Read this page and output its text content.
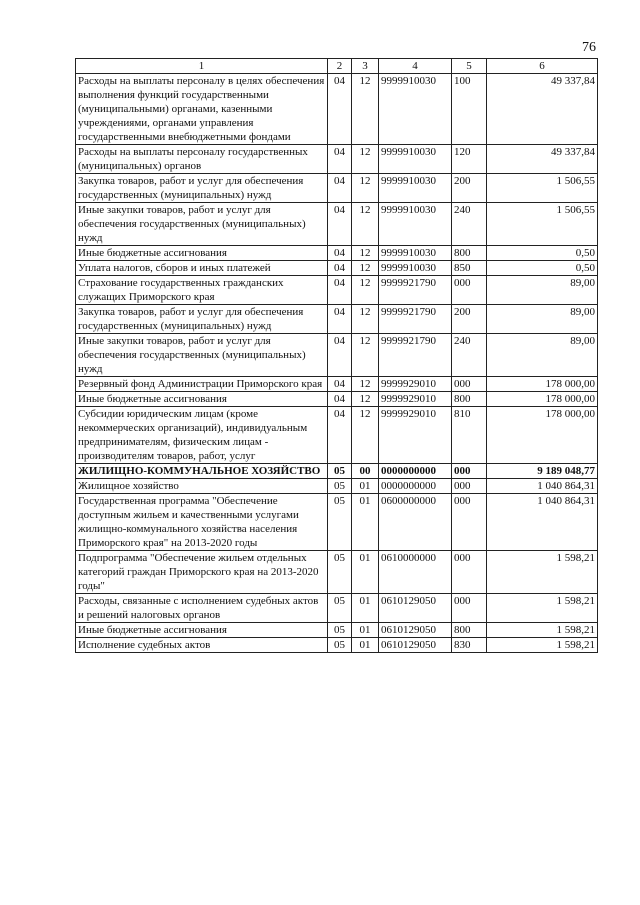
76
1	2	3	4	5	6
Расходы на выплаты персоналу в целях обеспечения выполнения функций государственными (муниципальными) органами, казенными учреждениями, органами управления государственными внебюджетными фондами	04	12	9999910030	100	49 337,84
Расходы на выплаты персоналу государственных (муниципальных) органов	04	12	9999910030	120	49 337,84
Закупка товаров, работ и услуг для обеспечения государственных (муниципальных) нужд	04	12	9999910030	200	1 506,55
Иные закупки товаров, работ и услуг для обеспечения государственных (муниципальных) нужд	04	12	9999910030	240	1 506,55
Иные бюджетные ассигнования	04	12	9999910030	800	0,50
Уплата налогов, сборов и иных платежей	04	12	9999910030	850	0,50
Страхование государственных гражданских служащих Приморского края	04	12	9999921790	000	89,00
Закупка товаров, работ и услуг для обеспечения государственных (муниципальных) нужд	04	12	9999921790	200	89,00
Иные закупки товаров, работ и услуг для обеспечения государственных (муниципальных) нужд	04	12	9999921790	240	89,00
Резервный фонд Администрации Приморского края	04	12	9999929010	000	178 000,00
Иные бюджетные ассигнования	04	12	9999929010	800	178 000,00
Субсидии юридическим лицам (кроме некоммерческих организаций), индивидуальным предпринимателям, физическим лицам - производителям товаров, работ, услуг	04	12	9999929010	810	178 000,00
ЖИЛИЩНО-КОММУНАЛЬНОЕ ХОЗЯЙСТВО	05	00	0000000000	000	9 189 048,77
Жилищное хозяйство	05	01	0000000000	000	1 040 864,31
Государственная программа "Обеспечение доступным жильем и качественными услугами жилищно-коммунального хозяйства населения Приморского края" на 2013-2020 годы	05	01	0600000000	000	1 040 864,31
Подпрограмма "Обеспечение жильем отдельных категорий граждан Приморского края на 2013-2020 годы"	05	01	0610000000	000	1 598,21
Расходы, связанные с исполнением судебных актов и решений налоговых органов	05	01	0610129050	000	1 598,21
Иные бюджетные ассигнования	05	01	0610129050	800	1 598,21
Исполнение судебных актов	05	01	0610129050	830	1 598,21
